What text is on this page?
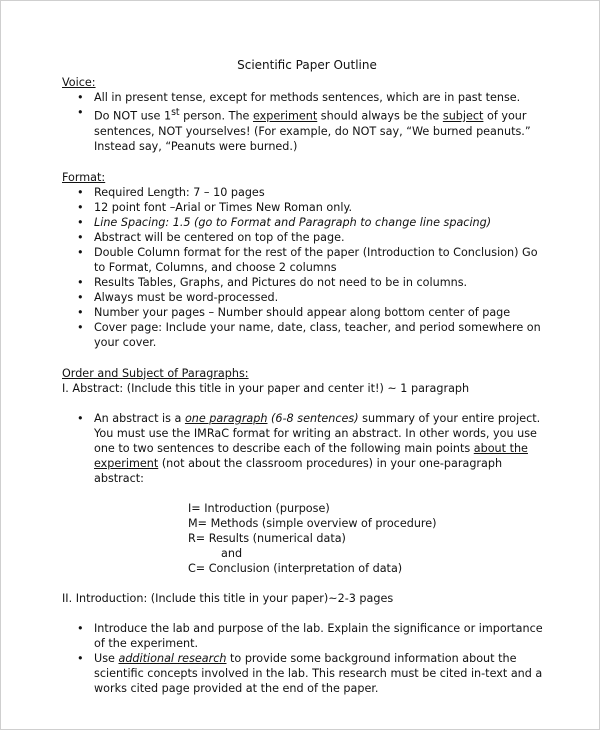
Scientific Paper Outline
Voice:
• All in present tense, except for methods sentences, which are in past tense.
• Do NOT use 1st person. The experiment should always be the subject of your sentences, NOT yourselves! (For example, do NOT say, “We burned peanuts.” Instead say, “Peanuts were burned.)
Format:
• Required Length: 7 – 10 pages
• 12 point font –Arial or Times New Roman only.
• Line Spacing: 1.5 (go to Format and Paragraph to change line spacing)
• Abstract will be centered on top of the page.
• Double Column format for the rest of the paper (Introduction to Conclusion) Go to Format, Columns, and choose 2 columns
• Results Tables, Graphs, and Pictures do not need to be in columns.
• Always must be word-processed.
• Number your pages – Number should appear along bottom center of page
• Cover page: Include your name, date, class, teacher, and period somewhere on your cover.
Order and Subject of Paragraphs:

I. Abstract: (Include this title in your paper and center it!) ~ 1 paragraph

• An abstract is a one paragraph (6-8 sentences) summary of your entire project. You must use the IMRaC format for writing an abstract. In other words, you use one to two sentences to describe each of the following main points about the experiment (not about the classroom procedures) in your one-paragraph abstract:
I= Introduction (purpose)
M= Methods (simple overview of procedure)
R= Results (numerical data)
and
C= Conclusion (interpretation of data)

II. Introduction: (Include this title in your paper)~2-3 pages

• Introduce the lab and purpose of the lab. Explain the significance or importance of the experiment.
• Use additional research to provide some background information about the scientific concepts involved in the lab. This research must be cited in-text and a works cited page provided at the end of the paper.
